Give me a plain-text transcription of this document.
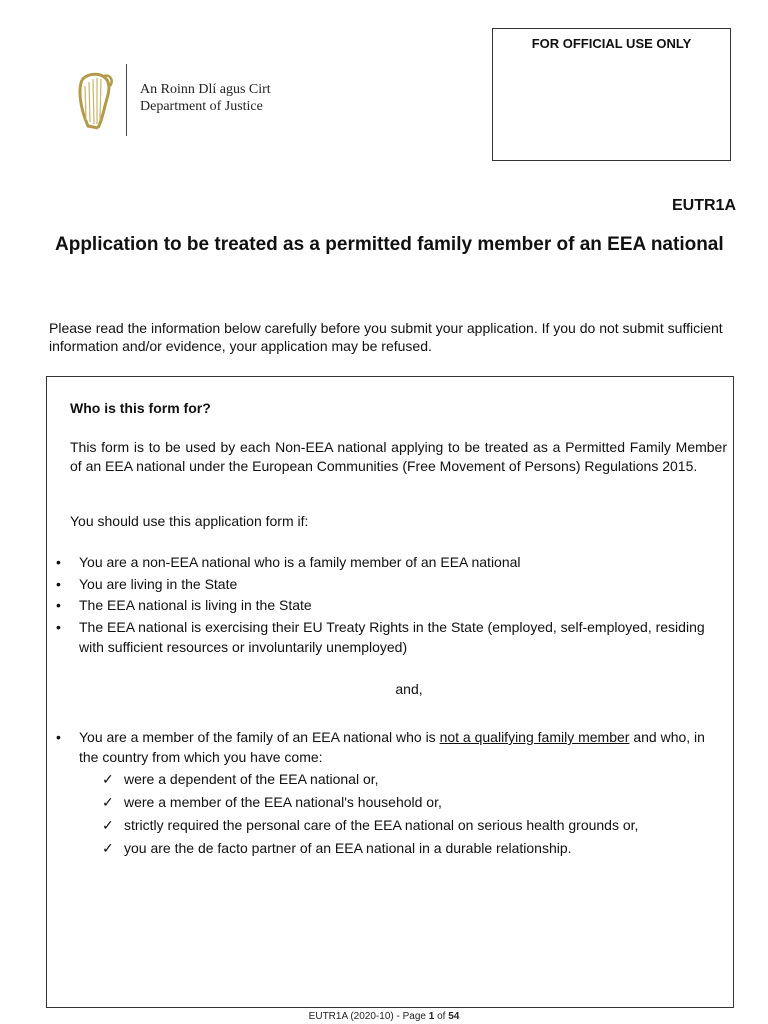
An Roinn Dlí agus Cirt
Department of Justice
FOR OFFICIAL USE ONLY
EUTR1A
Application to be treated as a permitted family member of an EEA national

Please read the information below carefully before you submit your application. If you do not submit sufficient information and/or evidence, your application may be refused.

Who is this form for?

This form is to be used by each Non-EEA national applying to be treated as a Permitted Family Member of an EEA national under the European Communities (Free Movement of Persons) Regulations 2015.

You should use this application form if:
• You are a non-EEA national who is a family member of an EEA national
• You are living in the State
• The EEA national is living in the State
• The EEA national is exercising their EU Treaty Rights in the State (employed, self-employed, residing with sufficient resources or involuntarily unemployed)
and,
• You are a member of the family of an EEA national who is not a qualifying family member and who, in the country from which you have come:
✓ were a dependent of the EEA national or,
✓ were a member of the EEA national's household or,
✓ strictly required the personal care of the EEA national on serious health grounds or,
✓ you are the de facto partner of an EEA national in a durable relationship.
EUTR1A (2020-10) - Page 1 of 54
